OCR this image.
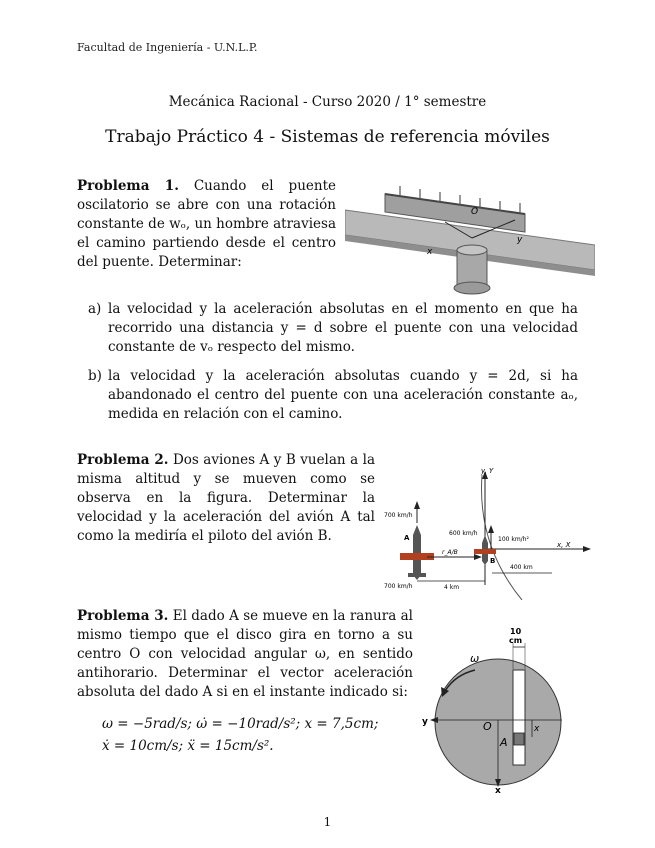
Facultad de Ingeniería - U.N.L.P.
Mecánica Racional - Curso 2020 / 1° semestre
Trabajo Práctico 4 - Sistemas de referencia móviles
Problema 1. Cuando el puente oscilatorio se abre con una rotación constante de wₒ, un hombre atraviesa el camino partiendo desde el centro del puente. Determinar:
O
x
y
a) la velocidad y la aceleración absolutas en el momento en que ha recorrido una distancia y = d sobre el puente con una velocidad constante de vₒ respecto del mismo.
b) la velocidad y la aceleración absolutas cuando y = 2d, si ha abandonado el centro del puente con una aceleración constante aₒ, medida en relación con el camino.
Problema 2. Dos aviones A y B vuelan a la misma altitud y se mueven como se observa en la figura. Determinar la velocidad y la aceleración del avión A tal como la mediría el piloto del avión B.
y, Y
x, X
700 km/h
700 km/h
A
600 km/h
100 km/h²
B
r_A/B
4 km
400 km
Problema 3. El dado A se mueve en la ranura al mismo tiempo que el disco gira en torno a su centro O con velocidad angular ω, en sentido antihorario. Determinar el vector aceleración absoluta del dado A si en el instante indicado si:
ω = −5rad/s; ω̇ = −10rad/s²; x = 7,5cm;
ẋ = 10cm/s; ẍ = 15cm/s².
10
cm
ω
y
x
O
A
x
1
